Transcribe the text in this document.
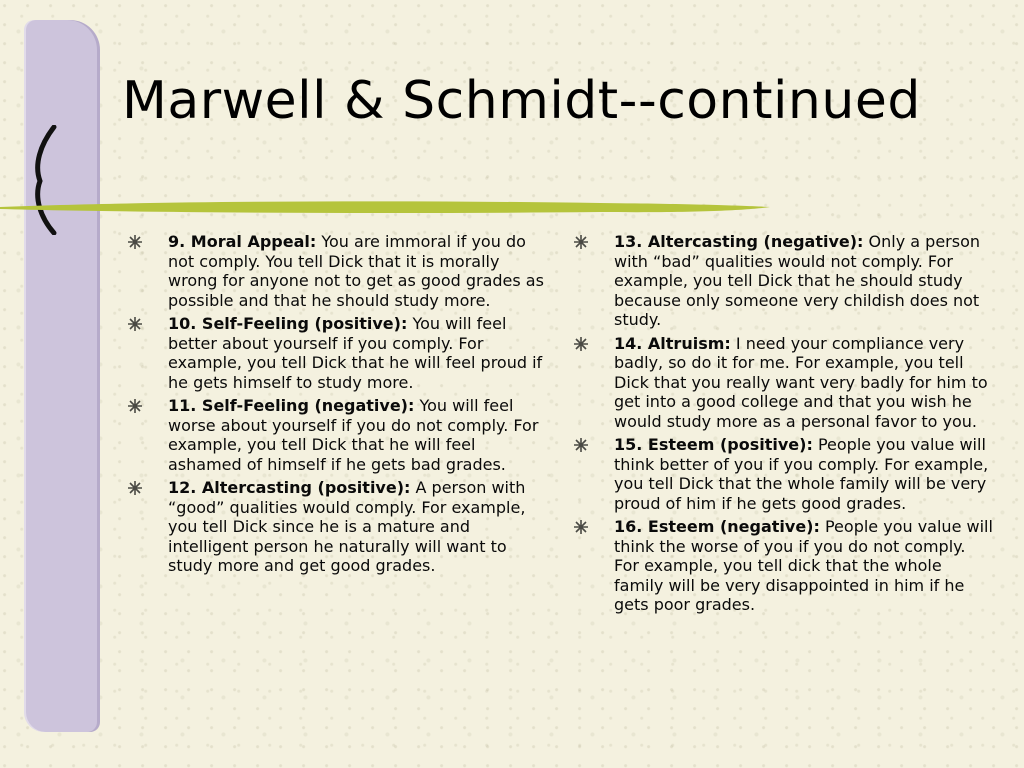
Marwell & Schmidt--continued
9. Moral Appeal: You are immoral if you do not comply. You tell Dick that it is morally wrong for anyone not to get as good grades as possible and that he should study more.
10. Self-Feeling (positive): You will feel better about yourself if you comply. For example, you tell Dick that he will feel proud if he gets himself to study more.
11. Self-Feeling (negative): You will feel worse about yourself if you do not comply. For example, you tell Dick that he will feel ashamed of himself if he gets bad grades.
12. Altercasting (positive): A person with “good” qualities would comply. For example, you tell Dick since he is a mature and intelligent person he naturally will want to study more and get good grades.
13. Altercasting (negative): Only a person with “bad” qualities would not comply. For example, you tell Dick that he should study because only someone very childish does not study.
14. Altruism: I need your compliance very badly, so do it for me. For example, you tell Dick that you really want very badly for him to get into a good college and that you wish he would study more as a personal favor to you.
15. Esteem (positive): People you value will think better of you if you comply. For example, you tell Dick that the whole family will be very proud of him if he gets good grades.
16. Esteem (negative): People you value will think the worse of you if you do not comply. For example, you tell dick that the whole family will be very disappointed in him if he gets poor grades.
